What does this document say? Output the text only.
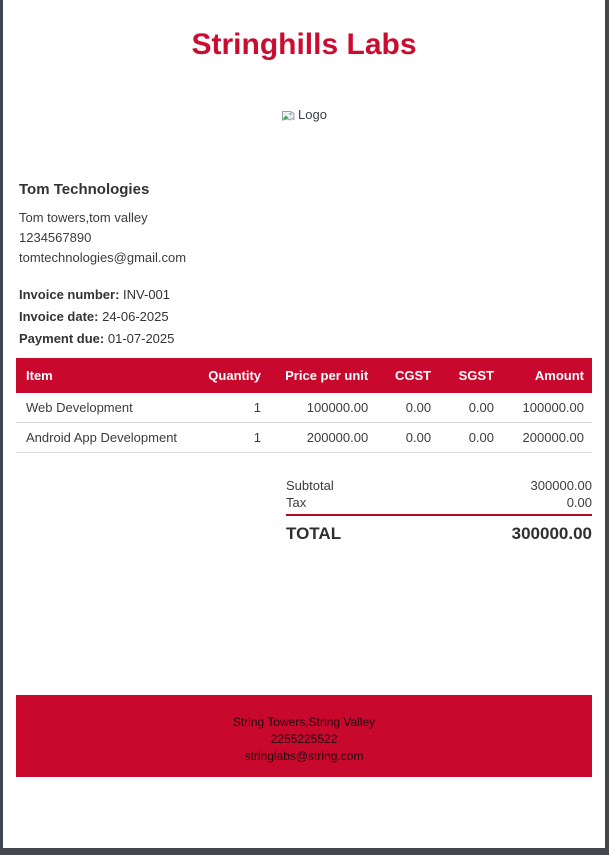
Stringhills Labs
Logo
Tom Technologies
Tom towers,tom valley
1234567890
tomtechnologies@gmail.com
Invoice number: INV-001
Invoice date: 24-06-2025
Payment due: 01-07-2025
Item	Quantity	Price per unit	CGST	SGST	Amount
Web Development	1	100000.00	0.00	0.00	100000.00
Android App Development	1	200000.00	0.00	0.00	200000.00
Subtotal	300000.00
Tax	0.00
TOTAL	300000.00
String Towers,String Valley
2255225522
stringlabs@string.com
